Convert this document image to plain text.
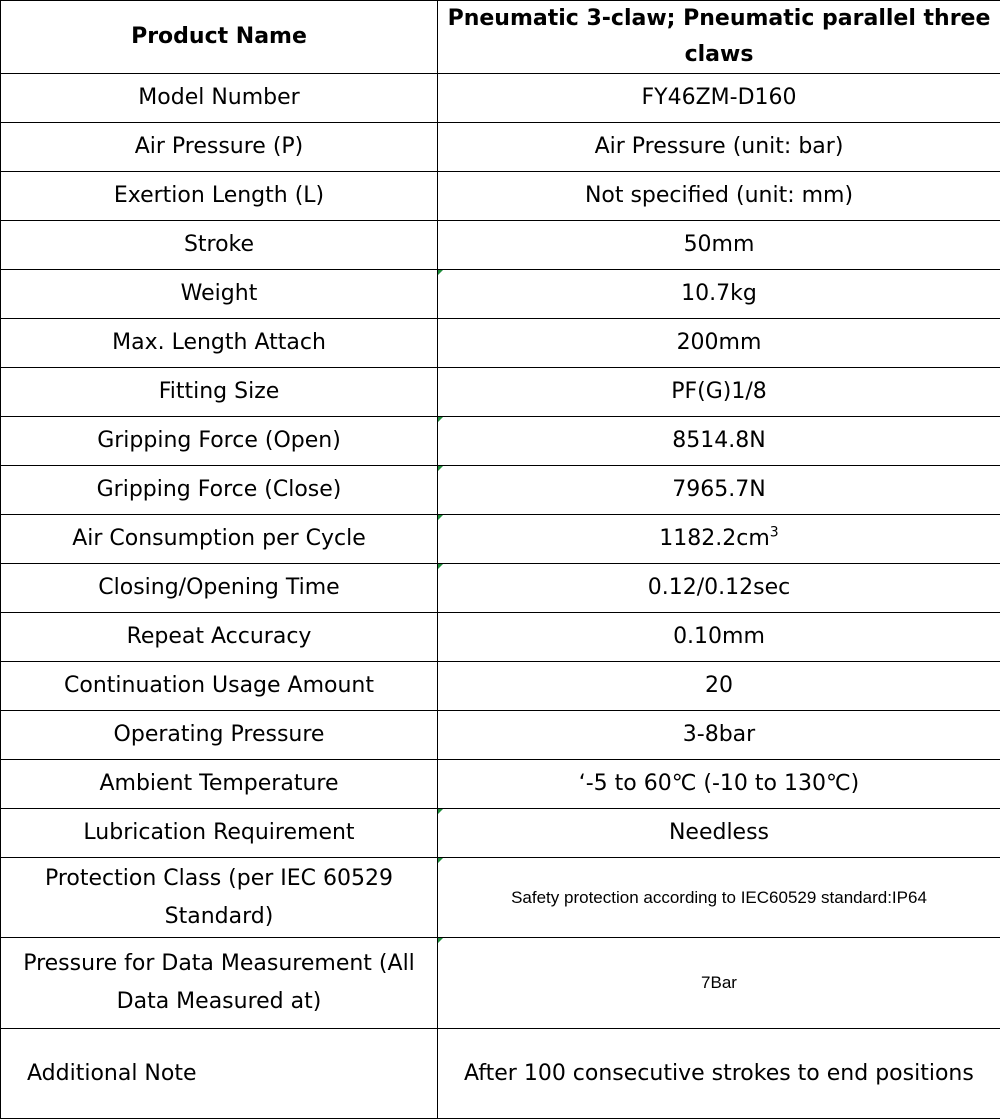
Product Name	Pneumatic 3-claw; Pneumatic parallel three claws
Model Number	FY46ZM-D160
Air Pressure (P)	Air Pressure (unit: bar)
Exertion Length (L)	Not specified (unit: mm)
Stroke	50mm
Weight	10.7kg
Max. Length Attach	200mm
Fitting Size	PF(G)1/8
Gripping Force (Open)	8514.8N
Gripping Force (Close)	7965.7N
Air Consumption per Cycle	$1182.2cm^3$
Closing/Opening Time	0.12/0.12sec
Repeat Accuracy	0.10mm
Continuation Usage Amount	20
Operating Pressure	3-8bar
Ambient Temperature	‘-5 to 60℃ (-10 to 130℃)
Lubrication Requirement	Needless
Protection Class (per IEC 60529 Standard)	Safety protection according to IEC60529 standard:IP64
Pressure for Data Measurement (All Data Measured at)	7Bar
Additional Note	After 100 consecutive strokes to end positions
